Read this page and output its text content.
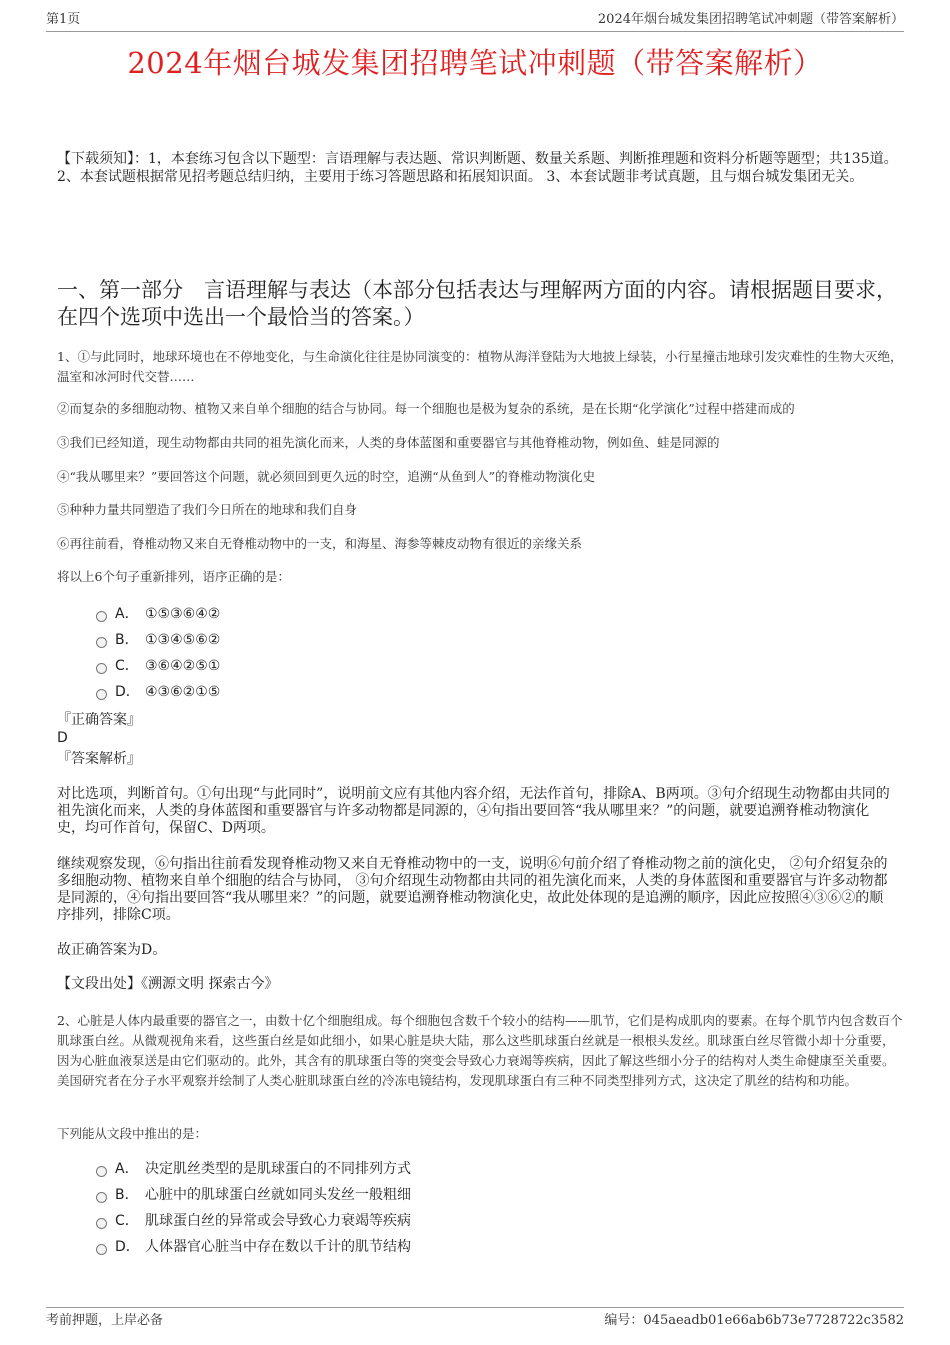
第1页	2024年烟台城发集团招聘笔试冲刺题（带答案解析）
2024年烟台城发集团招聘笔试冲刺题（带答案解析）
【下载须知】：1，本套练习包含以下题型：言语理解与表达题、常识判断题、数量关系题、判断推理题和资料分析题等题型；共135道。 2、本套试题根据常见招考题总结归纳，主要用于练习答题思路和拓展知识面。 3、本套试题非考试真题，且与烟台城发集团无关。
一、第一部分　言语理解与表达（本部分包括表达与理解两方面的内容。请根据题目要求，在四个选项中选出一个最恰当的答案。）
1、①与此同时，地球环境也在不停地变化，与生命演化往往是协同演变的：植物从海洋登陆为大地披上绿装，小行星撞击地球引发灾难性的生物大灭绝，温室和冰河时代交替……
②而复杂的多细胞动物、植物又来自单个细胞的结合与协同。每一个细胞也是极为复杂的系统，是在长期“化学演化”过程中搭建而成的
③我们已经知道，现生动物都由共同的祖先演化而来，人类的身体蓝图和重要器官与其他脊椎动物，例如鱼、蛙是同源的
④“我从哪里来？”要回答这个问题，就必须回到更久远的时空，追溯“从鱼到人”的脊椎动物演化史
⑤种种力量共同塑造了我们今日所在的地球和我们自身
⑥再往前看，脊椎动物又来自无脊椎动物中的一支，和海星、海参等棘皮动物有很近的亲缘关系
将以上6个句子重新排列，语序正确的是：
A． ①⑤③⑥④②
B． ①③④⑤⑥②
C． ③⑥④②⑤①
D． ④③⑥②①⑤
『正确答案』
D
『答案解析』
对比选项，判断首句。①句出现“与此同时”，说明前文应有其他内容介绍，无法作首句，排除A、B两项。③句介绍现生动物都由共同的祖先演化而来，人类的身体蓝图和重要器官与许多动物都是同源的，④句指出要回答“我从哪里来？”的问题，就要追溯脊椎动物演化史，均可作首句，保留C、D两项。
继续观察发现，⑥句指出往前看发现脊椎动物又来自无脊椎动物中的一支，说明⑥句前介绍了脊椎动物之前的演化史， ②句介绍复杂的多细胞动物、植物来自单个细胞的结合与协同， ③句介绍现生动物都由共同的祖先演化而来，人类的身体蓝图和重要器官与许多动物都是同源的，④句指出要回答“我从哪里来？”的问题，就要追溯脊椎动物演化史，故此处体现的是追溯的顺序，因此应按照④③⑥②的顺序排列，排除C项。
故正确答案为D。
【文段出处】《溯源文明 探索古今》
2、心脏是人体内最重要的器官之一，由数十亿个细胞组成。每个细胞包含数千个较小的结构——肌节，它们是构成肌肉的要素。在每个肌节内包含数百个肌球蛋白丝。从微观视角来看，这些蛋白丝是如此细小，如果心脏是块大陆，那么这些肌球蛋白丝就是一根根头发丝。肌球蛋白丝尽管微小却十分重要，因为心脏血液泵送是由它们驱动的。此外，其含有的肌球蛋白等的突变会导致心力衰竭等疾病，因此了解这些细小分子的结构对人类生命健康至关重要。美国研究者在分子水平观察并绘制了人类心脏肌球蛋白丝的冷冻电镜结构，发现肌球蛋白有三种不同类型排列方式，这决定了肌丝的结构和功能。
下列能从文段中推出的是：
A． 决定肌丝类型的是肌球蛋白的不同排列方式
B． 心脏中的肌球蛋白丝就如同头发丝一般粗细
C． 肌球蛋白丝的异常或会导致心力衰竭等疾病
D． 人体器官心脏当中存在数以千计的肌节结构
考前押题，上岸必备	编号：045aeadb01e66ab6b73e7728722c3582
